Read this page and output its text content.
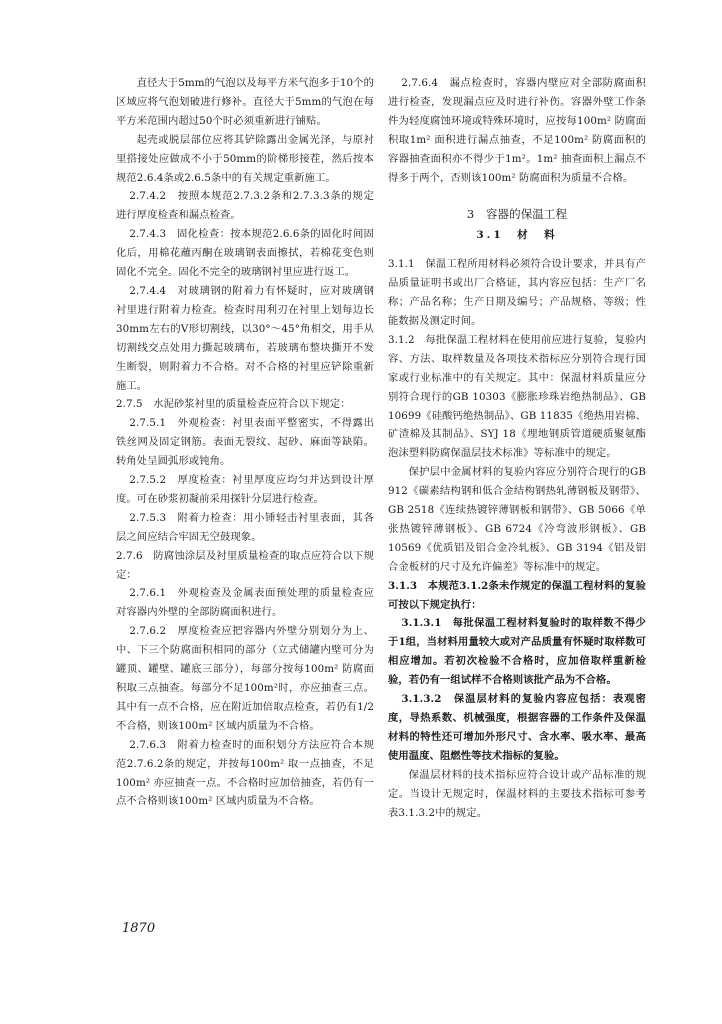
直径大于5mm的气泡以及每平方米气泡多于10个的区域应将气泡划破进行修补。直径大于5mm的气泡在每平方米范围内超过50个时必须重新进行铺贴。

起壳或脱层部位应将其铲除露出金属光泽，与原衬里搭接处应做成不小于50mm的阶梯形接茬，然后按本规范2.6.4条或2.6.5条中的有关规定重新施工。

2.7.4.2　按照本规范2.7.3.2条和2.7.3.3条的规定进行厚度检查和漏点检查。

2.7.4.3　固化检查：按本规范2.6.6条的固化时间固化后，用棉花蘸丙酮在玻璃钢表面擦拭，若棉花变色则固化不完全。固化不完全的玻璃钢衬里应进行返工。

2.7.4.4　对玻璃钢的附着力有怀疑时，应对玻璃钢衬里进行附着力检查。检查时用利刃在衬里上划每边长30mm左右的V形切割线，以30°～45°角相交，用手从切割线交点处用力撕起玻璃布，若玻璃布整块撕开不发生断裂，则附着力不合格。对不合格的衬里应铲除重新施工。

2.7.5　水泥砂浆衬里的质量检查应符合以下规定：

2.7.5.1　外观检查：衬里表面平整密实，不得露出铁丝网及固定钢筋。表面无裂纹、起砂、麻面等缺陷。转角处呈圆弧形或钝角。

2.7.5.2　厚度检查：衬里厚度应均匀并达到设计厚度。可在砂浆初凝前采用探针分层进行检查。

2.7.5.3　附着力检查：用小锤轻击衬里表面，其各层之间应结合牢固无空鼓现象。

2.7.6　防腐蚀涂层及衬里质量检查的取点应符合以下规定：

2.7.6.1　外观检查及金属表面预处理的质量检查应对容器内外壁的全部防腐面积进行。

2.7.6.2　厚度检查应把容器内外壁分别划分为上、中、下三个防腐面积相同的部分（立式储罐内壁可分为罐顶、罐壁、罐底三部分），每部分按每100m² 防腐面积取三点抽查。每部分不足100m²时，亦应抽查三点。其中有一点不合格，应在附近加倍取点检查，若仍有1/2不合格，则该100m² 区域内质量为不合格。

2.7.6.3　附着力检查时的面积划分方法应符合本规范2.7.6.2条的规定，并按每100m² 取一点抽查，不足100m² 亦应抽查一点。不合格时应加倍抽查，若仍有一点不合格则该100m² 区域内质量为不合格。

2.7.6.4　漏点检查时，容器内壁应对全部防腐面积进行检查，发现漏点应及时进行补伤。容器外壁工作条件为轻度腐蚀环境或特殊环境时，应按每100m² 防腐面积取1m² 面积进行漏点抽查，不足100m² 防腐面积的容器抽查面积亦不得少于1m²。1m² 抽查面积上漏点不得多于两个，否则该100m² 防腐面积为质量不合格。

3　容器的保温工程
3.1　材　料

3.1.1　保温工程所用材料必须符合设计要求，并具有产品质量证明书或出厂合格证，其内容应包括：生产厂名称；产品名称；生产日期及编号；产品规格、等级；性能数据及测定时间。

3.1.2　每批保温工程材料在使用前应进行复验，复验内容、方法、取样数量及各项技术指标应分别符合现行国家或行业标准中的有关规定。其中：保温材料质量应分别符合现行的GB 10303《膨胀珍珠岩绝热制品》、GB 10699《硅酸钙绝热制品》、GB 11835《绝热用岩棉、矿渣棉及其制品》、SYJ 18《埋地钢质管道硬质聚氨酯泡沫塑料防腐保温层技术标准》等标准中的规定。

保护层中金属材料的复验内容应分别符合现行的GB 912《碳素结构钢和低合金结构钢热轧薄钢板及钢带》、GB 2518《连续热镀锌薄钢板和钢带》、GB 5066《单张热镀锌薄钢板》、GB 6724《冷弯波形钢板》、GB 10569《优质铝及铝合金冷轧板》、GB 3194《铝及铝合金板材的尺寸及允许偏差》等标准中的规定。

3.1.3　本规范3.1.2条未作规定的保温工程材料的复验可按以下规定执行：

3.1.3.1　每批保温工程材料复验时的取样数不得少于1组，当材料用量较大或对产品质量有怀疑时取样数可相应增加。若初次检验不合格时，应加倍取样重新检验，若仍有一组试样不合格则该批产品为不合格。

3.1.3.2　保温层材料的复验内容应包括：表观密度，导热系数、机械强度，根据容器的工作条件及保温材料的特性还可增加外形尺寸、含水率、吸水率、最高使用温度、阻燃性等技术指标的复验。

保温层材料的技术指标应符合设计或产品标准的规定。当设计无规定时，保温材料的主要技术指标可参考表3.1.3.2中的规定。

1870
